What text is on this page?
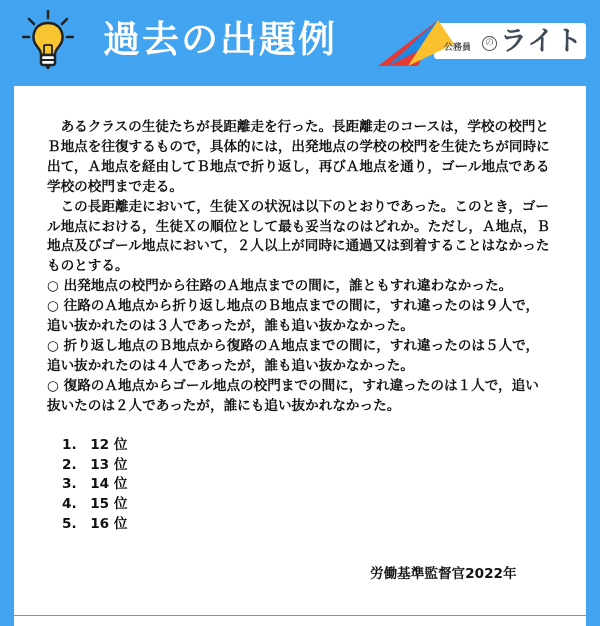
過去の出題例	公務員	の ライト

あるクラスの生徒たちが長距離走を行った。長距離走のコースは，学校の校門とＢ地点を往復するもので，具体的には，出発地点の学校の校門を生徒たちが同時に出て，Ａ地点を経由してＢ地点で折り返し，再びＡ地点を通り，ゴール地点である学校の校門まで走る。

この長距離走において，生徒Ｘの状況は以下のとおりであった。このとき，ゴール地点における，生徒Ｘの順位として最も妥当なのはどれか。ただし，Ａ地点，Ｂ地点及びゴール地点において，２人以上が同時に通過又は到着することはなかったものとする。

○ 出発地点の校門から往路のＡ地点までの間に，誰ともすれ違わなかった。

○ 往路のＡ地点から折り返し地点のＢ地点までの間に，すれ違ったのは９人で，追い抜かれたのは３人であったが，誰も追い抜かなかった。

○ 折り返し地点のＢ地点から復路のＡ地点までの間に，すれ違ったのは５人で，追い抜かれたのは４人であったが，誰も追い抜かなかった。

○ 復路のＡ地点からゴール地点の校門までの間に，すれ違ったのは１人で，追い抜いたのは２人であったが，誰にも追い抜かれなかった。

1.　12 位
2.　13 位
3.　14 位
4.　15 位
5.　16 位
労働基準監督官2022年
